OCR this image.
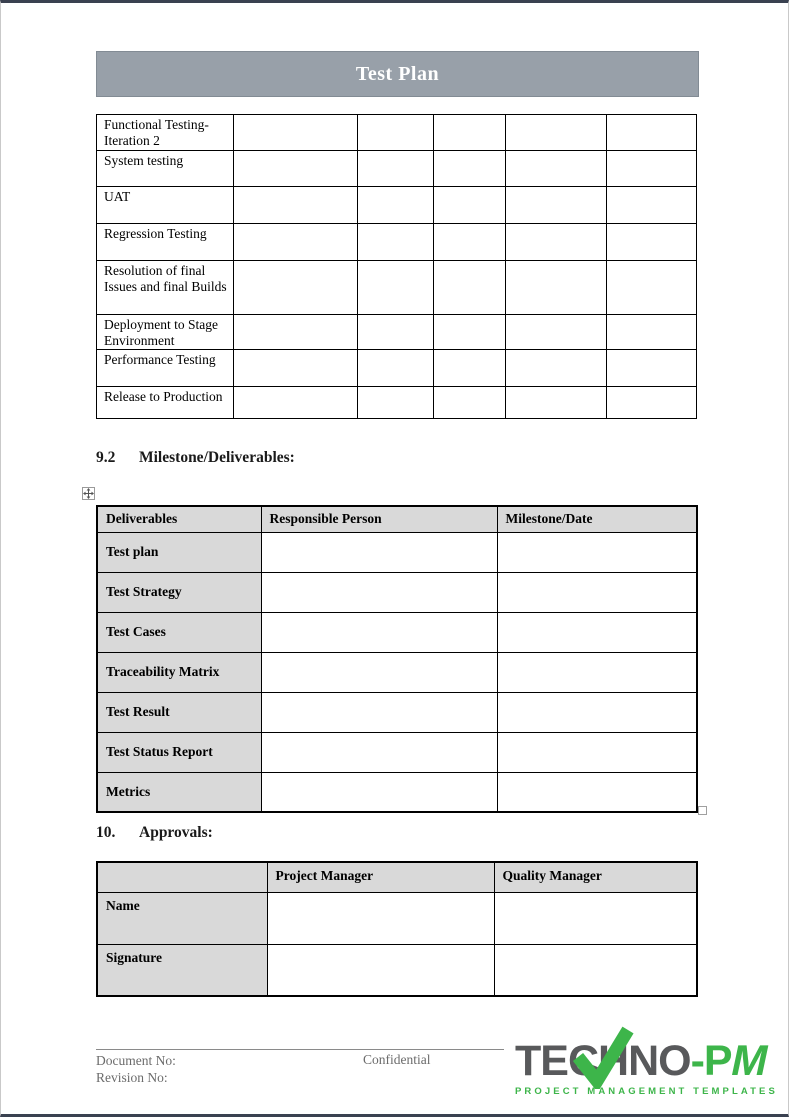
Test Plan
Functional Testing-Iteration 2					
System testing					
UAT					
Regression Testing					
Resolution of final Issues and final Builds					
Deployment to Stage Environment					
Performance Testing					
Release to Production					
9.2 Milestone/Deliverables:
Deliverables	Responsible Person	Milestone/Date
Test plan		
Test Strategy		
Test Cases		
Traceability Matrix		
Test Result		
Test Status Report		
Metrics		
10. Approvals:
	Project Manager	Quality Manager
Name		
Signature		
Document No:
Revision No:
Confidential TECHNO-PM
PROJECT MANAGEMENT TEMPLATES
